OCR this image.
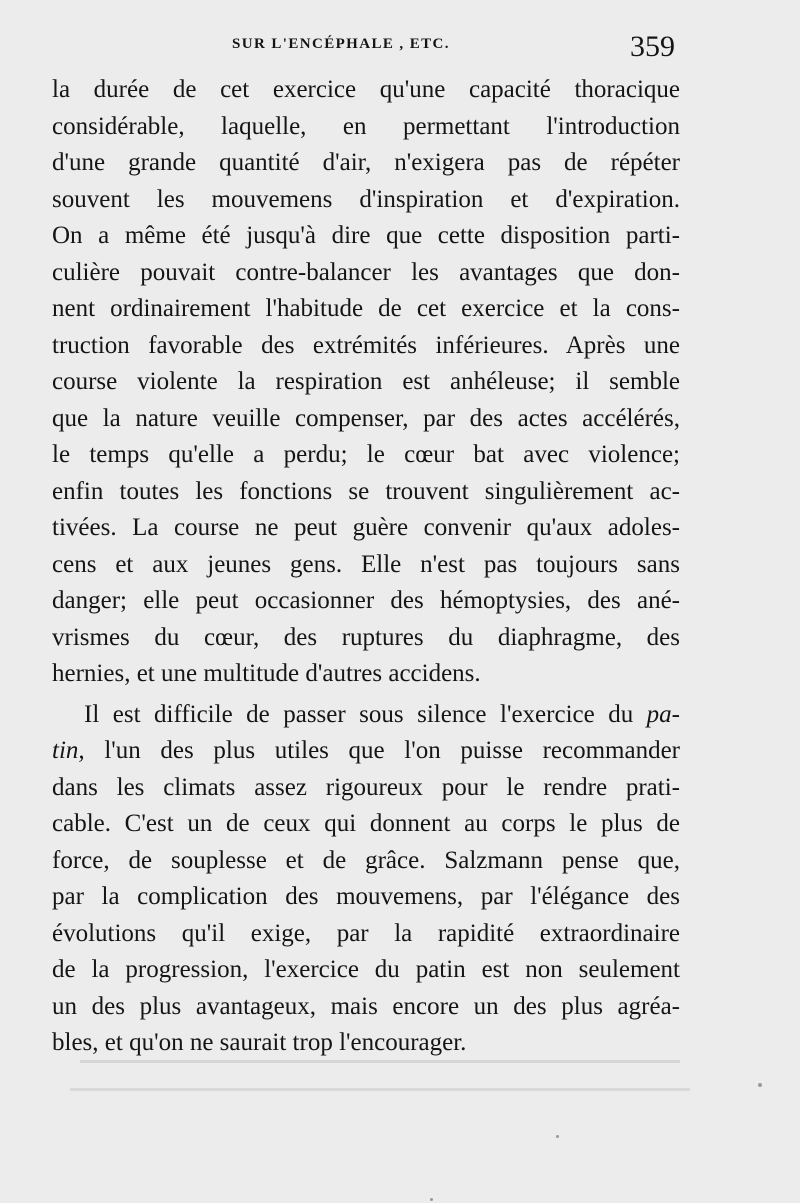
SUR L'ENCÉPHALE , ETC.	359
la durée de cet exercice qu'une capacité thoracique
considérable, laquelle, en permettant l'introduction
d'une grande quantité d'air, n'exigera pas de répéter
souvent les mouvemens d'inspiration et d'expiration.
On a même été jusqu'à dire que cette disposition parti-
culière pouvait contre-balancer les avantages que don-
nent ordinairement l'habitude de cet exercice et la cons-
truction favorable des extrémités inférieures. Après une
course violente la respiration est anhéleuse; il semble
que la nature veuille compenser, par des actes accélérés,
le temps qu'elle a perdu; le cœur bat avec violence;
enfin toutes les fonctions se trouvent singulièrement ac-
tivées. La course ne peut guère convenir qu'aux adoles-
cens et aux jeunes gens. Elle n'est pas toujours sans
danger; elle peut occasionner des hémoptysies, des ané-
vrismes du cœur, des ruptures du diaphragme, des
hernies, et une multitude d'autres accidens.
Il est difficile de passer sous silence l'exercice du pa-
tin, l'un des plus utiles que l'on puisse recommander
dans les climats assez rigoureux pour le rendre prati-
cable. C'est un de ceux qui donnent au corps le plus de
force, de souplesse et de grâce. Salzmann pense que,
par la complication des mouvemens, par l'élégance des
évolutions qu'il exige, par la rapidité extraordinaire
de la progression, l'exercice du patin est non seulement
un des plus avantageux, mais encore un des plus agréa-
bles, et qu'on ne saurait trop l'encourager.
